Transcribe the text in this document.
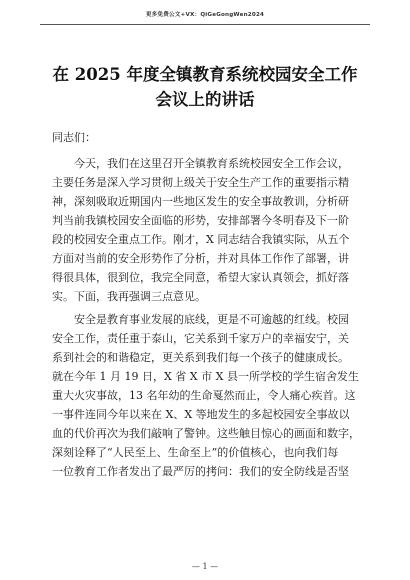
更多免费公文+VX：QiGeGongWen2024
在 2025 年度全镇教育系统校园安全工作
会议上的讲话
同志们：
　　今天，我们在这里召开全镇教育系统校园安全工作会议，
主要任务是深入学习贯彻上级关于安全生产工作的重要指示精
神，深刻吸取近期国内一些地区发生的安全事故教训，分析研
判当前我镇校园安全面临的形势，安排部署今冬明春及下一阶
段的校园安全重点工作。刚才，X 同志结合我镇实际，从五个
方面对当前的安全形势作了分析，并对具体工作作了部署，讲
得很具体，很到位，我完全同意，希望大家认真领会，抓好落
实。下面，我再强调三点意见。
　　安全是教育事业发展的底线，更是不可逾越的红线。校园
安全工作，责任重于泰山，它关系到千家万户的幸福安宁，关
系到社会的和谐稳定，更关系到我们每一个孩子的健康成长。
就在今年 1 月 19 日，X 省 X 市 X 县一所学校的学生宿舍发生
重大火灾事故，13 名年幼的生命戛然而止，令人痛心疾首。这
一事件连同今年以来在 X、X 等地发生的多起校园安全事故以
血的代价再次为我们敲响了警钟。这些触目惊心的画面和数字，
深刻诠释了“人民至上、生命至上”的价值核心，也向我们每
一位教育工作者发出了最严厉的拷问：我们的安全防线是否坚
— 1 —
